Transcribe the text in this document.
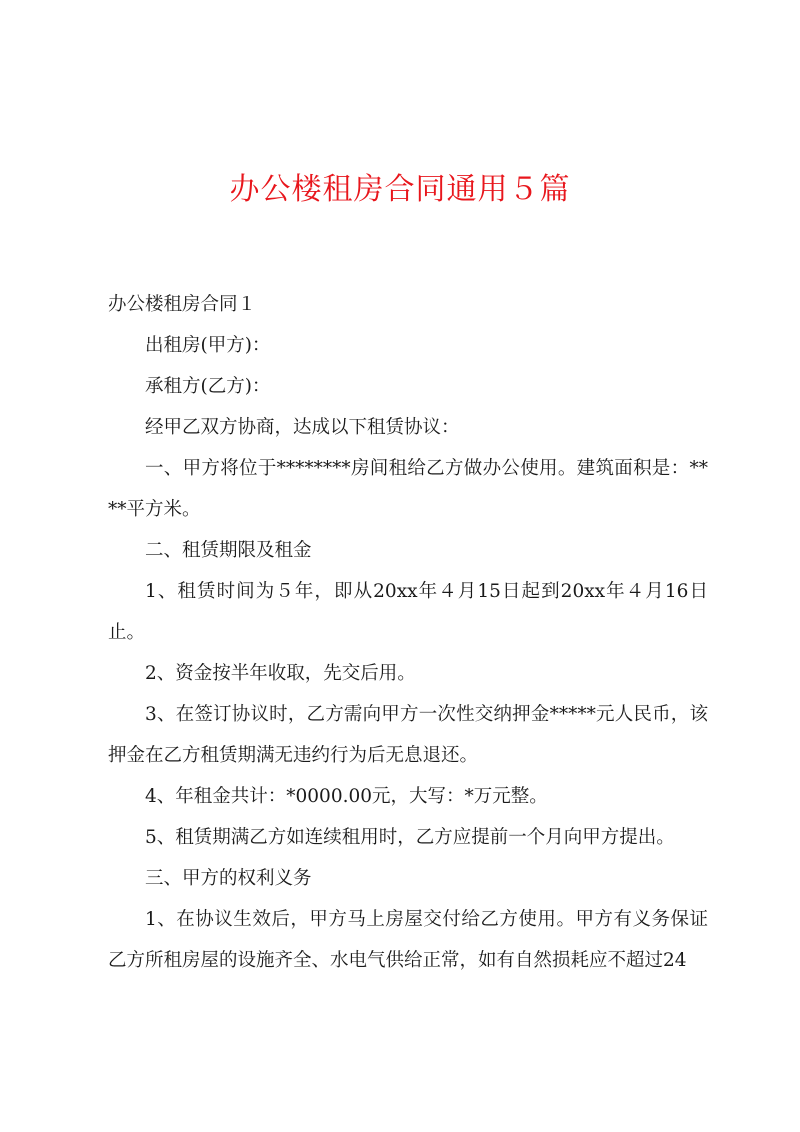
办公楼租房合同通用５篇

办公楼租房合同１

出租房(甲方)：

承租方(乙方)：

经甲乙双方协商，达成以下租赁协议：

一、甲方将位于********房间租给乙方做办公使用。建筑面积是：****平方米。

二、租赁期限及租金

1、租赁时间为５年，即从20xx年４月15日起到20xx年４月16日止。

2、资金按半年收取，先交后用。

3、在签订协议时，乙方需向甲方一次性交纳押金*****元人民币，该押金在乙方租赁期满无违约行为后无息退还。

4、年租金共计：*0000.00元，大写：*万元整。

5、租赁期满乙方如连续租用时，乙方应提前一个月向甲方提出。

三、甲方的权利义务

1、在协议生效后，甲方马上房屋交付给乙方使用。甲方有义务保证乙方所租房屋的设施齐全、水电气供给正常，如有自然损耗应不超过24
